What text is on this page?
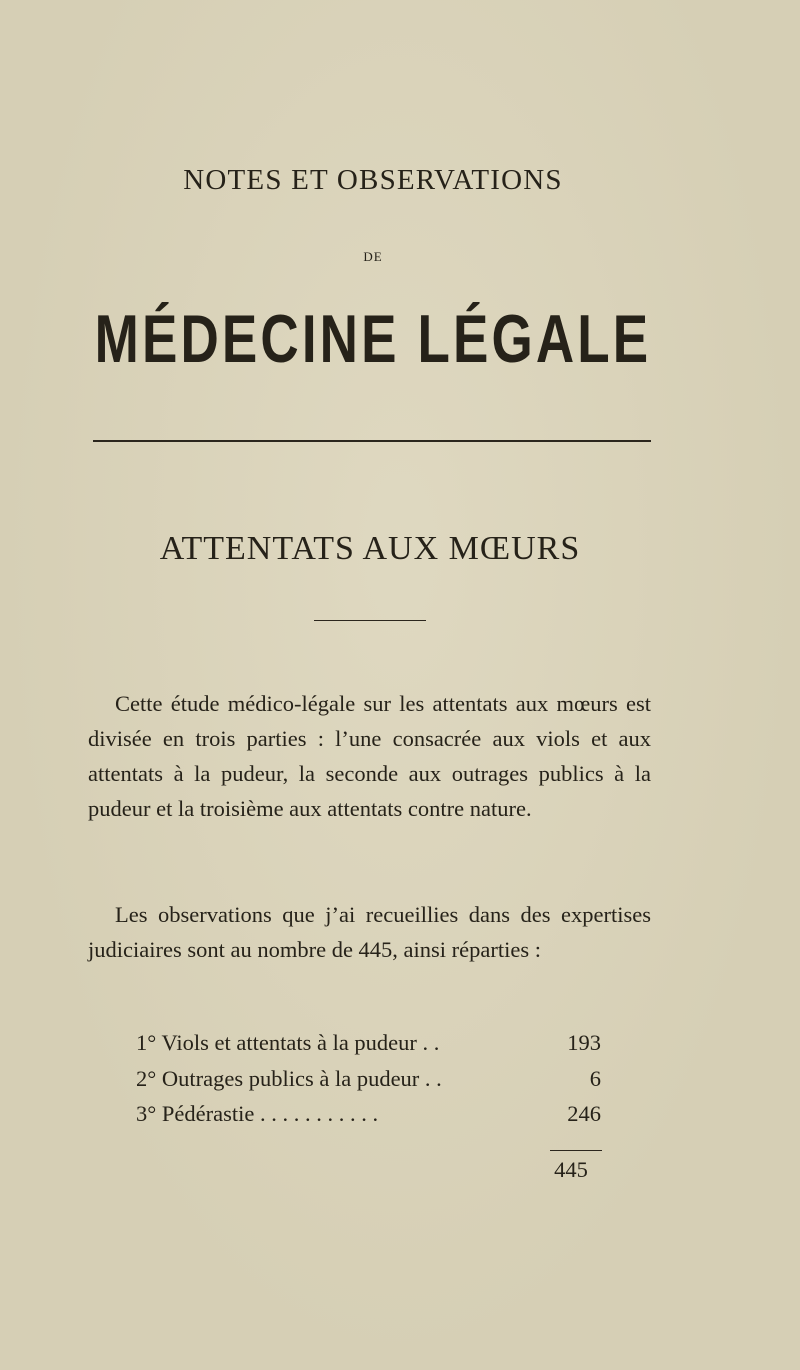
NOTES ET OBSERVATIONS
DE
MÉDECINE LÉGALE
ATTENTATS AUX MŒURS

Cette étude médico-légale sur les attentats aux mœurs est divisée en trois parties : l’une consacrée aux viols et aux attentats à la pudeur, la seconde aux outrages publics à la pudeur et la troisième aux attentats contre nature.

Les observations que j’ai recueillies dans des expertises judiciaires sont au nombre de 445, ainsi réparties :

1° Viols et attentats à la pudeur . .	193
2° Outrages publics à la pudeur . .	6
3° Pédérastie . . . . . . . . . . .	246
445
